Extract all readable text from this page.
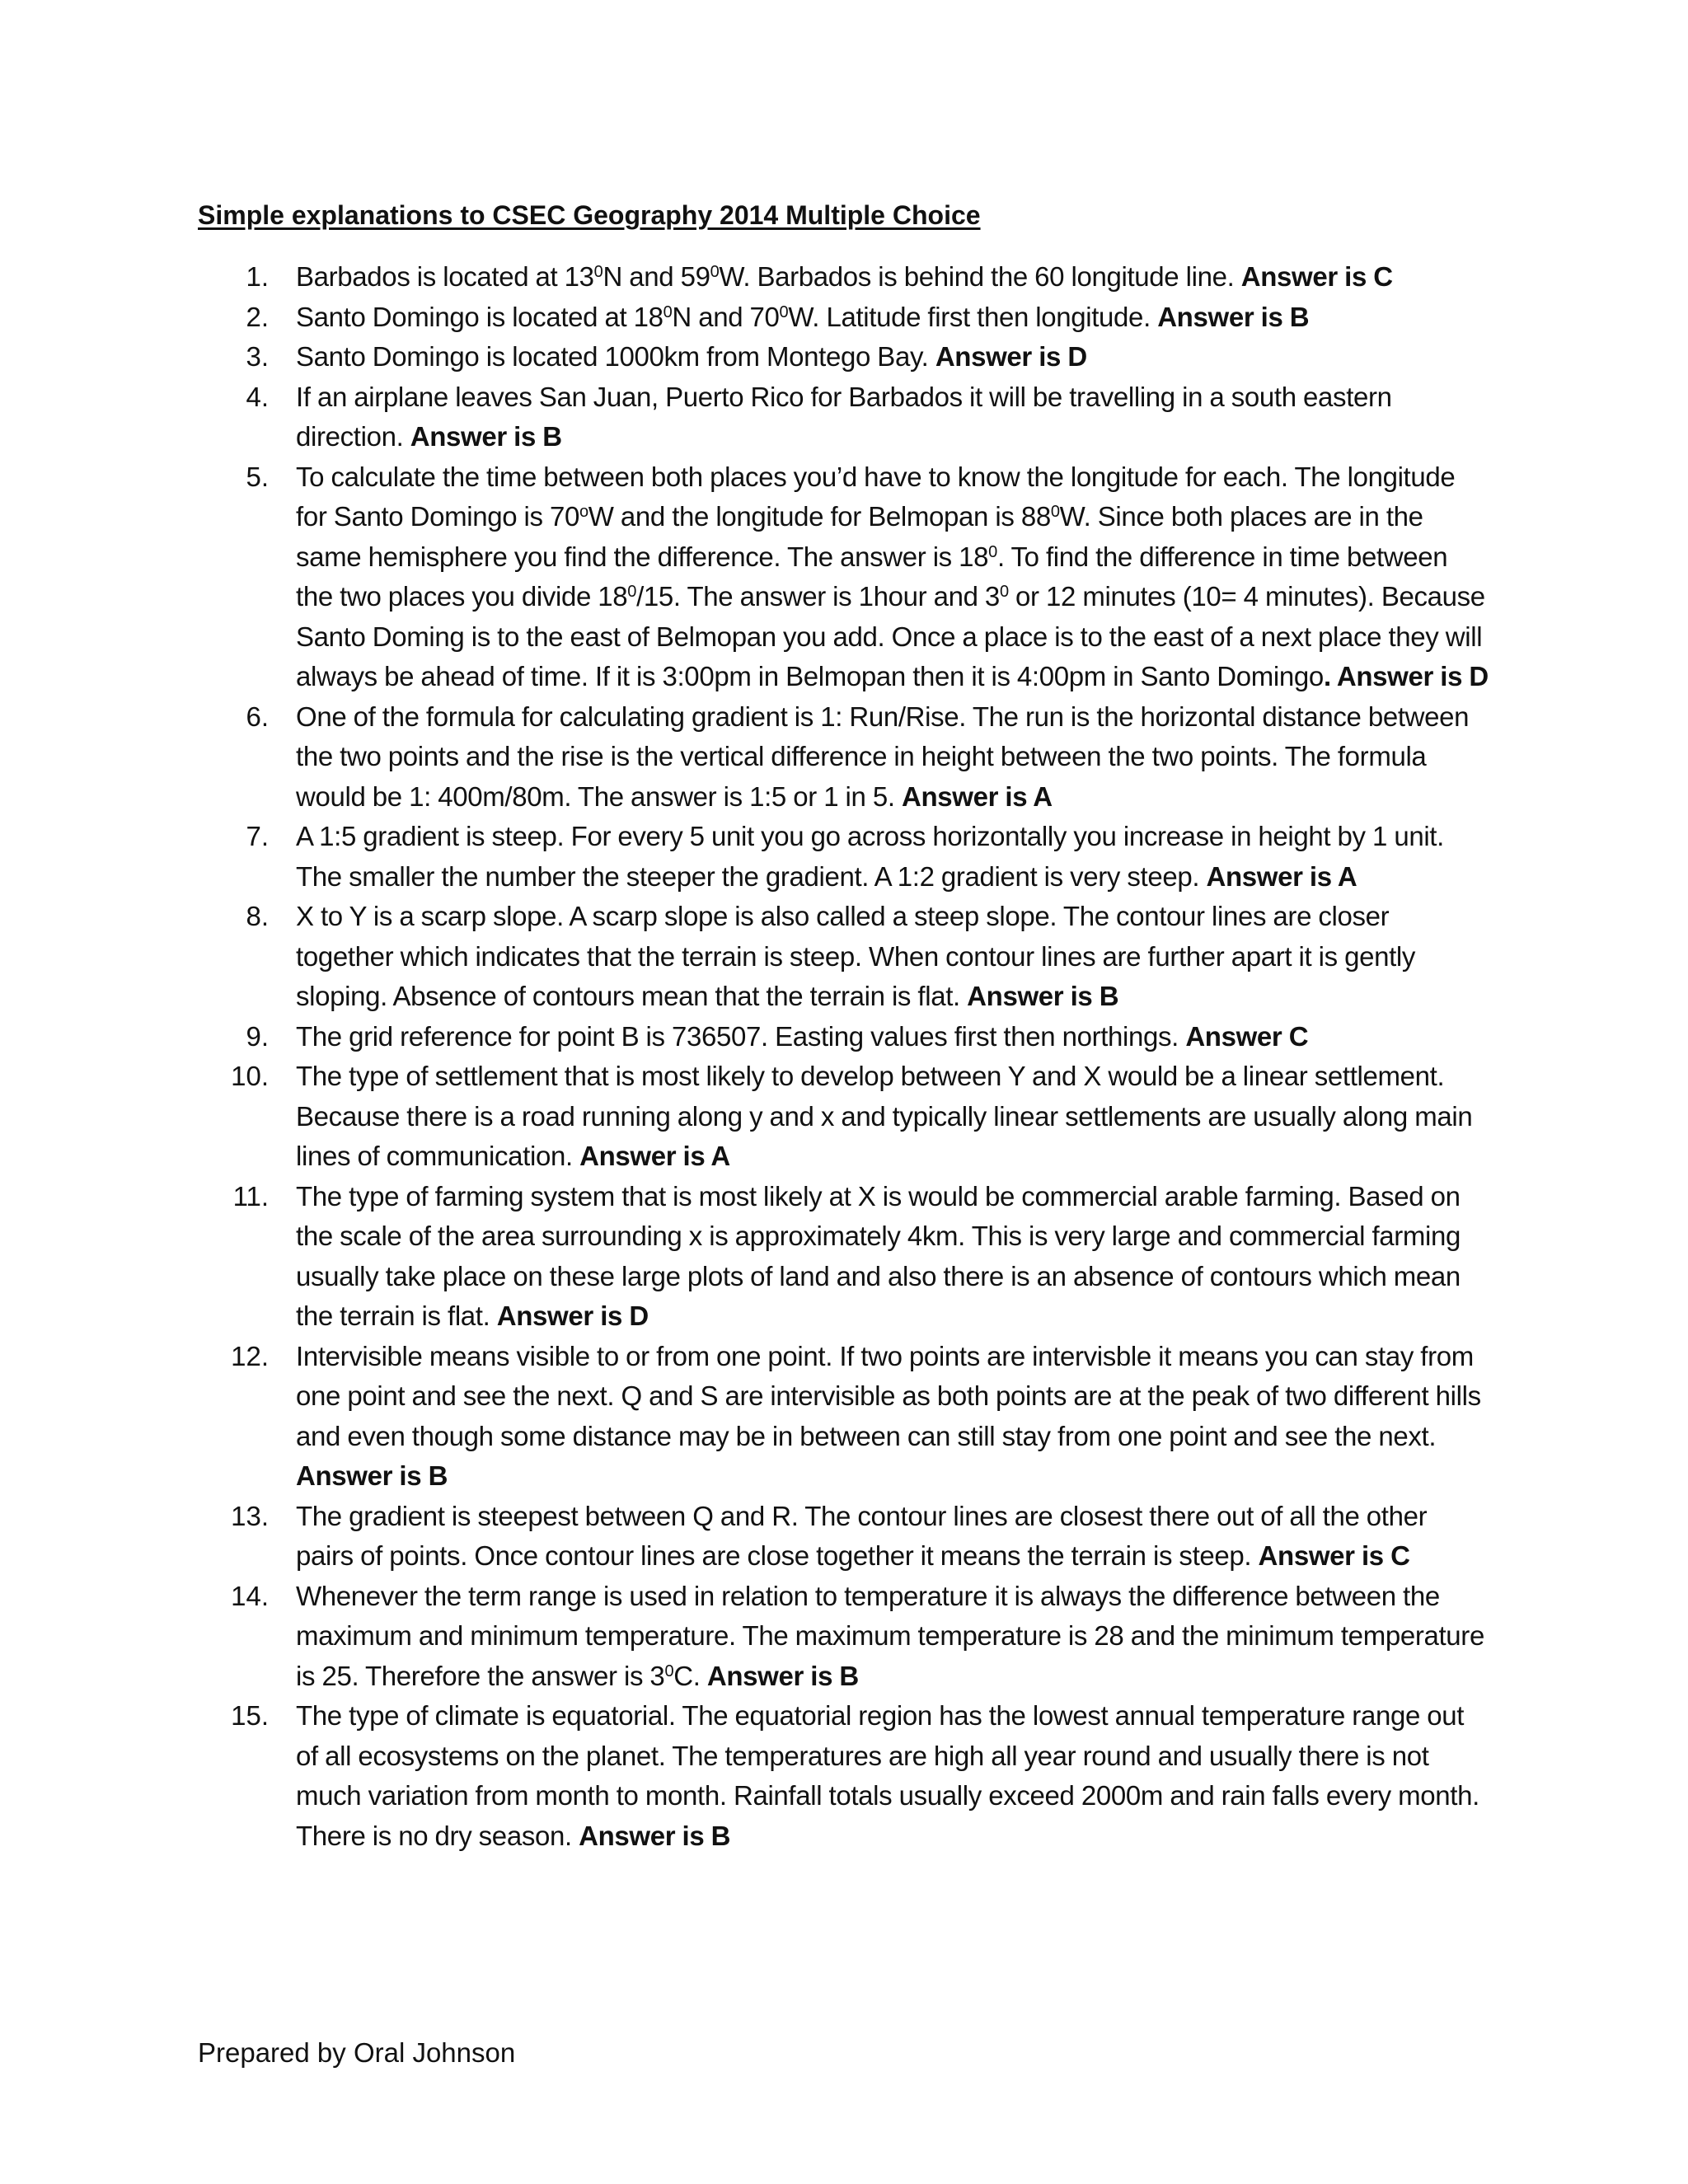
Simple explanations to CSEC Geography 2014 Multiple Choice
1. Barbados is located at $13^0N$ and $59^0W$. Barbados is behind the 60 longitude line. Answer is C
2. Santo Domingo is located at $18^0N$ and $70^0W$. Latitude first then longitude. Answer is B
3. Santo Domingo is located 1000km from Montego Bay. Answer is D
4. If an airplane leaves San Juan, Puerto Rico for Barbados it will be travelling in a south eastern direction. Answer is B
5. To calculate the time between both places you’d have to know the longitude for each. The longitude for Santo Domingo is 70$^o$W and the longitude for Belmopan is $88^0W$. Since both places are in the same hemisphere you find the difference. The answer is $18^0$. To find the difference in time between the two places you divide $18^0/15$. The answer is 1hour and $3^0$ or 12 minutes (10= 4 minutes). Because Santo Doming is to the east of Belmopan you add. Once a place is to the east of a next place they will always be ahead of time. If it is 3:00pm in Belmopan then it is 4:00pm in Santo Domingo. Answer is D
6. One of the formula for calculating gradient is 1: Run/Rise. The run is the horizontal distance between the two points and the rise is the vertical difference in height between the two points. The formula would be 1: 400m/80m. The answer is 1:5 or 1 in 5. Answer is A
7. A 1:5 gradient is steep. For every 5 unit you go across horizontally you increase in height by 1 unit. The smaller the number the steeper the gradient. A 1:2 gradient is very steep. Answer is A
8. X to Y is a scarp slope. A scarp slope is also called a steep slope. The contour lines are closer together which indicates that the terrain is steep. When contour lines are further apart it is gently sloping. Absence of contours mean that the terrain is flat. Answer is B
9. The grid reference for point B is 736507. Easting values first then northings. Answer C
10. The type of settlement that is most likely to develop between Y and X would be a linear settlement. Because there is a road running along y and x and typically linear settlements are usually along main lines of communication. Answer is A
11. The type of farming system that is most likely at X is would be commercial arable farming. Based on the scale of the area surrounding x is approximately 4km. This is very large and commercial farming usually take place on these large plots of land and also there is an absence of contours which mean the terrain is flat. Answer is D
12. Intervisible means visible to or from one point. If two points are intervisble it means you can stay from one point and see the next. Q and S are intervisible as both points are at the peak of two different hills and even though some distance may be in between can still stay from one point and see the next. Answer is B
13. The gradient is steepest between Q and R. The contour lines are closest there out of all the other pairs of points. Once contour lines are close together it means the terrain is steep. Answer is C
14. Whenever the term range is used in relation to temperature it is always the difference between the maximum and minimum temperature. The maximum temperature is 28 and the minimum temperature is 25. Therefore the answer is $3^0C$. Answer is B
15. The type of climate is equatorial. The equatorial region has the lowest annual temperature range out of all ecosystems on the planet. The temperatures are high all year round and usually there is not much variation from month to month. Rainfall totals usually exceed 2000m and rain falls every month. There is no dry season. Answer is B
Prepared by Oral Johnson
